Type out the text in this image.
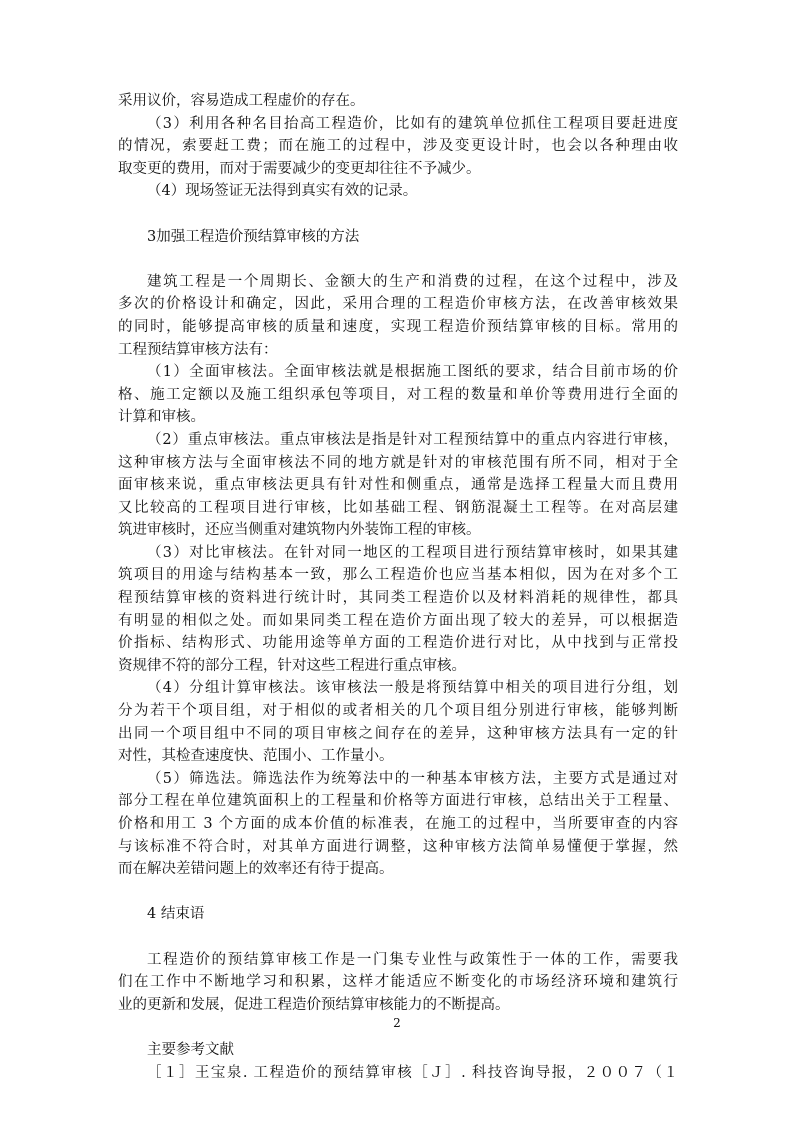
采用议价，容易造成工程虚价的存在。
（3）利用各种名目抬高工程造价，比如有的建筑单位抓住工程项目要赶进度
的情况，索要赶工费；而在施工的过程中，涉及变更设计时，也会以各种理由收
取变更的费用，而对于需要减少的变更却往往不予减少。
（4）现场签证无法得到真实有效的记录。
3加强工程造价预结算审核的方法
建筑工程是一个周期长、金额大的生产和消费的过程，在这个过程中，涉及
多次的价格设计和确定，因此，采用合理的工程造价审核方法，在改善审核效果
的同时，能够提高审核的质量和速度，实现工程造价预结算审核的目标。常用的
工程预结算审核方法有：
（1）全面审核法。全面审核法就是根据施工图纸的要求，结合目前市场的价
格、施工定额以及施工组织承包等项目，对工程的数量和单价等费用进行全面的
计算和审核。
（2）重点审核法。重点审核法是指是针对工程预结算中的重点内容进行审核，
这种审核方法与全面审核法不同的地方就是针对的审核范围有所不同，相对于全
面审核来说，重点审核法更具有针对性和侧重点，通常是选择工程量大而且费用
又比较高的工程项目进行审核，比如基础工程、钢筋混凝土工程等。在对高层建
筑进审核时，还应当侧重对建筑物内外装饰工程的审核。
（3）对比审核法。在针对同一地区的工程项目进行预结算审核时，如果其建
筑项目的用途与结构基本一致，那么工程造价也应当基本相似，因为在对多个工
程预结算审核的资料进行统计时，其同类工程造价以及材料消耗的规律性，都具
有明显的相似之处。而如果同类工程在造价方面出现了较大的差异，可以根据造
价指标、结构形式、功能用途等单方面的工程造价进行对比，从中找到与正常投
资规律不符的部分工程，针对这些工程进行重点审核。
（4）分组计算审核法。该审核法一般是将预结算中相关的项目进行分组，划
分为若干个项目组，对于相似的或者相关的几个项目组分别进行审核，能够判断
出同一个项目组中不同的项目审核之间存在的差异，这种审核方法具有一定的针
对性，其检查速度快、范围小、工作量小。
（5）筛选法。筛选法作为统筹法中的一种基本审核方法，主要方式是通过对
部分工程在单位建筑面积上的工程量和价格等方面进行审核，总结出关于工程量、
价格和用工 3 个方面的成本价值的标准表，在施工的过程中，当所要审查的内容
与该标准不符合时，对其单方面进行调整，这种审核方法简单易懂便于掌握，然
而在解决差错问题上的效率还有待于提高。
4 结束语
工程造价的预结算审核工作是一门集专业性与政策性于一体的工作，需要我
们在工作中不断地学习和积累，这样才能适应不断变化的市场经济环境和建筑行
业的更新和发展，促进工程造价预结算审核能力的不断提高。
主要参考文献
［１］王宝泉. 工程造价的预结算审核［Ｊ］. 科技咨询导报，２００７（１
2
